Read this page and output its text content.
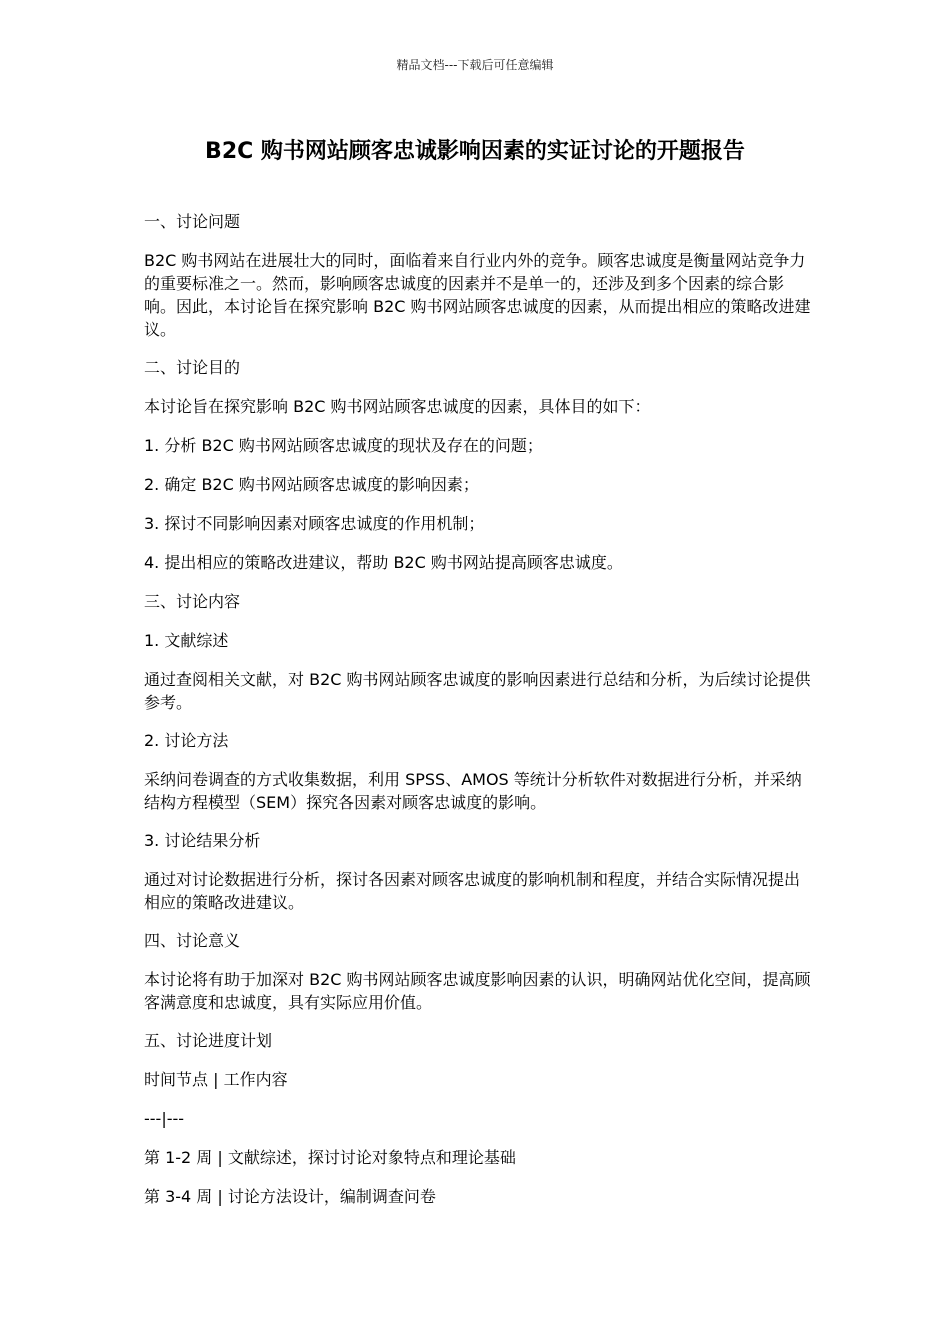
精品文档---下载后可任意编辑
B2C 购书网站顾客忠诚影响因素的实证讨论的开题报告

一、讨论问题

B2C 购书网站在进展壮大的同时，面临着来自行业内外的竞争。顾客忠诚度是衡量网站竞争力的重要标准之一。然而，影响顾客忠诚度的因素并不是单一的，还涉及到多个因素的综合影响。因此，本讨论旨在探究影响 B2C 购书网站顾客忠诚度的因素，从而提出相应的策略改进建议。

二、讨论目的

本讨论旨在探究影响 B2C 购书网站顾客忠诚度的因素，具体目的如下：

1. 分析 B2C 购书网站顾客忠诚度的现状及存在的问题；

2. 确定 B2C 购书网站顾客忠诚度的影响因素；

3. 探讨不同影响因素对顾客忠诚度的作用机制；

4. 提出相应的策略改进建议，帮助 B2C 购书网站提高顾客忠诚度。

三、讨论内容

1. 文献综述

通过查阅相关文献，对 B2C 购书网站顾客忠诚度的影响因素进行总结和分析，为后续讨论提供参考。

2. 讨论方法

采纳问卷调查的方式收集数据，利用 SPSS、AMOS 等统计分析软件对数据进行分析，并采纳结构方程模型（SEM）探究各因素对顾客忠诚度的影响。

3. 讨论结果分析

通过对讨论数据进行分析，探讨各因素对顾客忠诚度的影响机制和程度，并结合实际情况提出相应的策略改进建议。

四、讨论意义

本讨论将有助于加深对 B2C 购书网站顾客忠诚度影响因素的认识，明确网站优化空间，提高顾客满意度和忠诚度，具有实际应用价值。

五、讨论进度计划

时间节点 | 工作内容

---|---

第 1-2 周 | 文献综述，探讨讨论对象特点和理论基础

第 3-4 周 | 讨论方法设计，编制调查问卷
